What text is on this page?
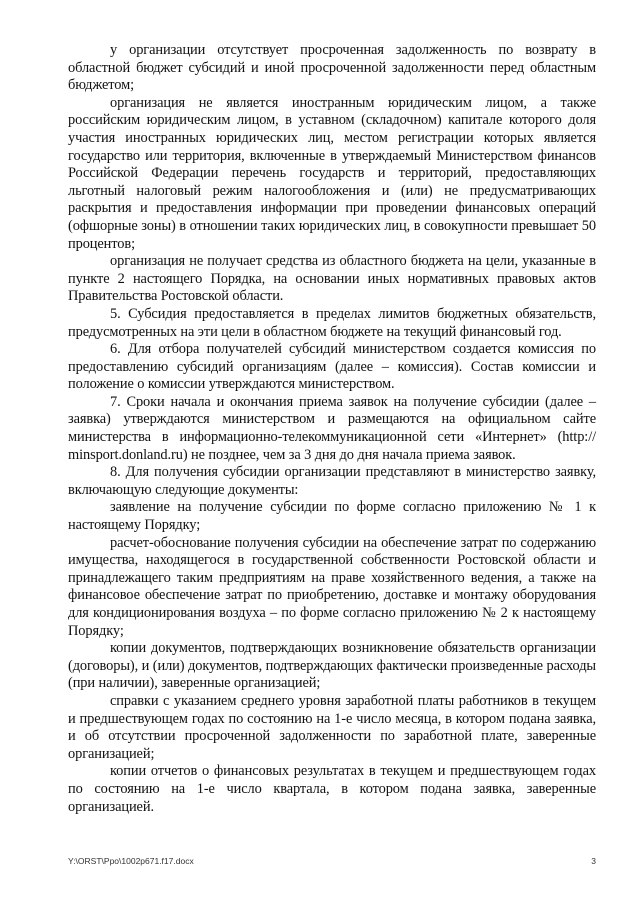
у организации отсутствует просроченная задолженность по возврату в областной бюджет субсидий и иной просроченной задолженности перед областным бюджетом;

организация не является иностранным юридическим лицом, а также российским юридическим лицом, в уставном (складочном) капитале которого доля участия иностранных юридических лиц, местом регистрации которых является государство или территория, включенные в утверждаемый Министерством финансов Российской Федерации перечень государств и территорий, предоставляющих льготный налоговый режим налогообложения и (или) не предусматривающих раскрытия и предоставления информации при проведении финансовых операций (офшорные зоны) в отношении таких юридических лиц, в совокупности превышает 50 процентов;

организация не получает средства из областного бюджета на цели, указанные в пункте 2 настоящего Порядка, на основании иных нормативных правовых актов Правительства Ростовской области.

5. Субсидия предоставляется в пределах лимитов бюджетных обязательств, предусмотренных на эти цели в областном бюджете на текущий финансовый год.

6. Для отбора получателей субсидий министерством создается комиссия по предоставлению субсидий организациям (далее – комиссия). Состав комиссии и положение о комиссии утверждаются министерством.

7. Сроки начала и окончания приема заявок на получение субсидии (далее – заявка) утверждаются министерством и размещаются на официальном сайте министерства в информационно-телекоммуникационной сети «Интернет» (http:// minsport.donland.ru) не позднее, чем за 3 дня до дня начала приема заявок.

8. Для получения субсидии организации представляют в министерство заявку, включающую следующие документы:

заявление на получение субсидии по форме согласно приложению № 1 к настоящему Порядку;

расчет-обоснование получения субсидии на обеспечение затрат по содержанию имущества, находящегося в государственной собственности Ростовской области и принадлежащего таким предприятиям на праве хозяйственного ведения, а также на финансовое обеспечение затрат по приобретению, доставке и монтажу оборудования для кондиционирования воздуха – по форме согласно приложению № 2 к настоящему Порядку;

копии документов, подтверждающих возникновение обязательств организации (договоры), и (или) документов, подтверждающих фактически произведенные расходы (при наличии), заверенные организацией;

справки с указанием среднего уровня заработной платы работников в текущем и предшествующем годах по состоянию на 1-е число месяца, в котором подана заявка, и об отсутствии просроченной задолженности по заработной плате, заверенные организацией;

копии отчетов о финансовых результатах в текущем и предшествующем годах по состоянию на 1-е число квартала, в котором подана заявка, заверенные организацией.

Y:\ORST\Ppo\1002p671.f17.docx	3
